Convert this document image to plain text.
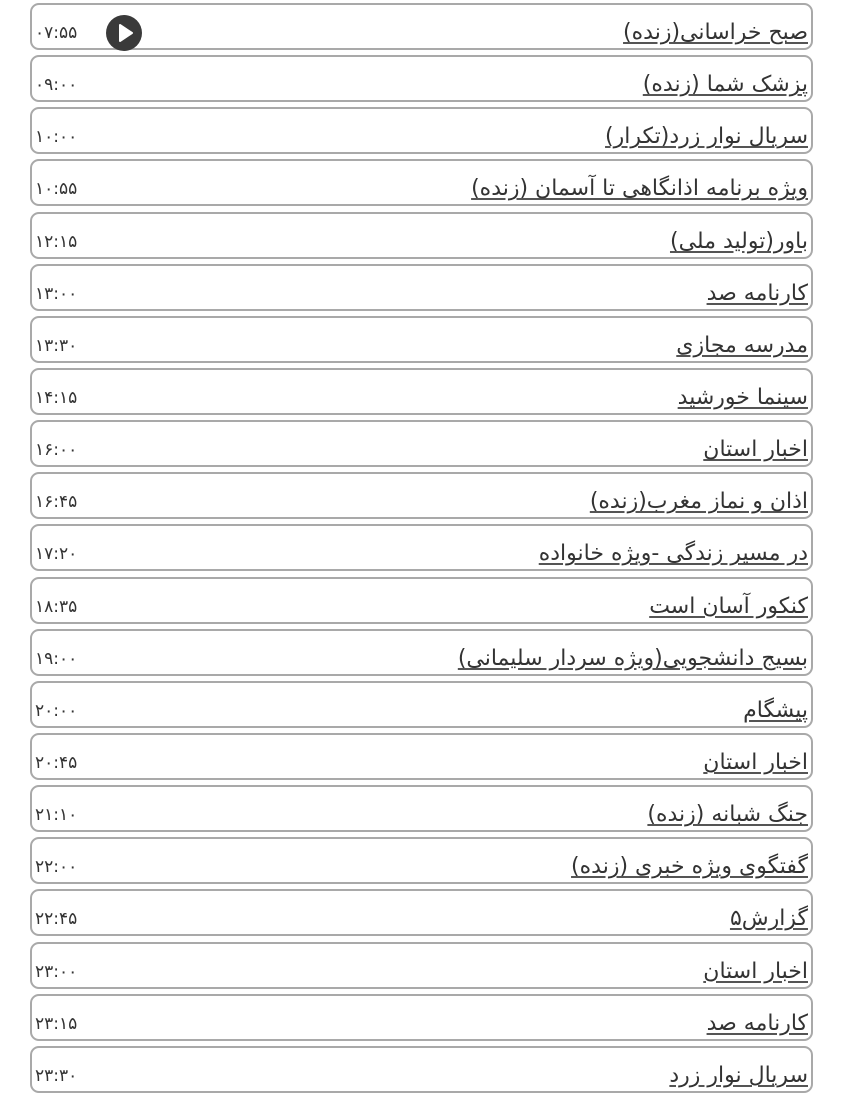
صبح خراسانی(زنده)
۰۷:۵۵
پزشک شما (زنده)
۰۹:۰۰
سریال نوار زرد(تکرار)
۱۰:۰۰
ویژه برنامه اذانگاهی تا آسمان (زنده)
۱۰:۵۵
باور(تولید ملی)
۱۲:۱۵
کارنامه صد
۱۳:۰۰
مدرسه مجازی
۱۳:۳۰
سینما خورشید
۱۴:۱۵
اخبار استان
۱۶:۰۰
اذان و نماز مغرب(زنده)
۱۶:۴۵
در مسیر زندگی -ویژه خانواده
۱۷:۲۰
کنکور آسان است
۱۸:۳۵
بسیج دانشجویی(ویژه سردار سلیمانی)
۱۹:۰۰
پیشگام
۲۰:۰۰
اخبار استان
۲۰:۴۵
جنگ شبانه (زنده)
۲۱:۱۰
گفتگوی ویژه خبری (زنده)
۲۲:۰۰
گزارش۵
۲۲:۴۵
اخبار استان
۲۳:۰۰
کارنامه صد
۲۳:۱۵
سریال نوار زرد
۲۳:۳۰
